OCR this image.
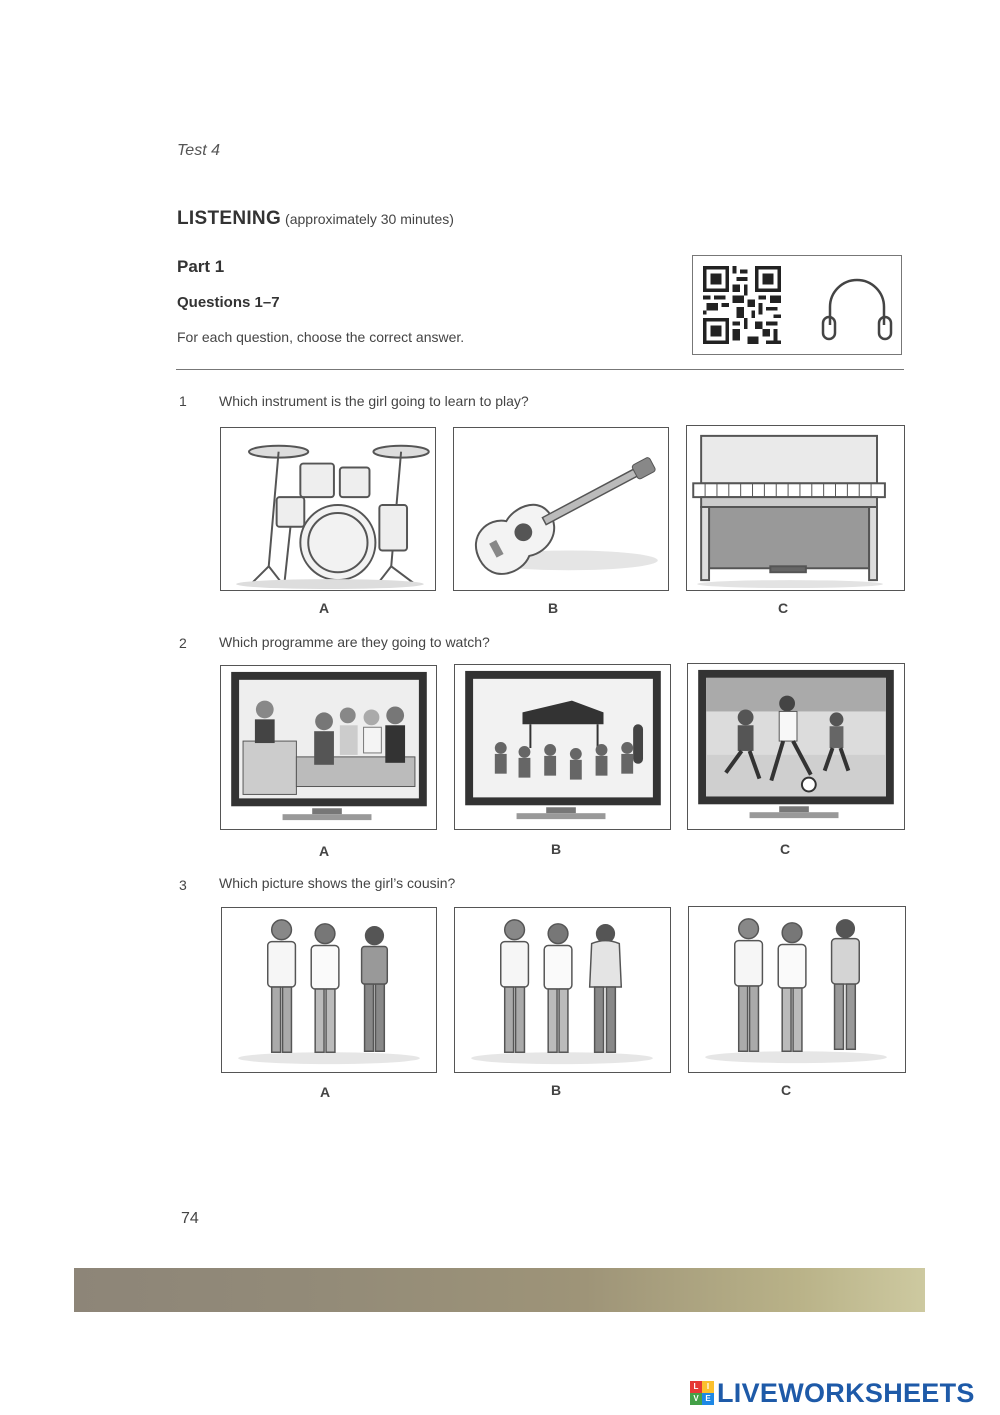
Test 4
LISTENING (approximately 30 minutes)
Part 1
Questions 1–7
For each question, choose the correct answer.
1 Which instrument is the girl going to learn to play?
A	B	C
2 Which programme are they going to watch?
A	B	C
3 Which picture shows the girl’s cousin?
A	B	C
74
L	I
V E LIVEWORKSHEETS
